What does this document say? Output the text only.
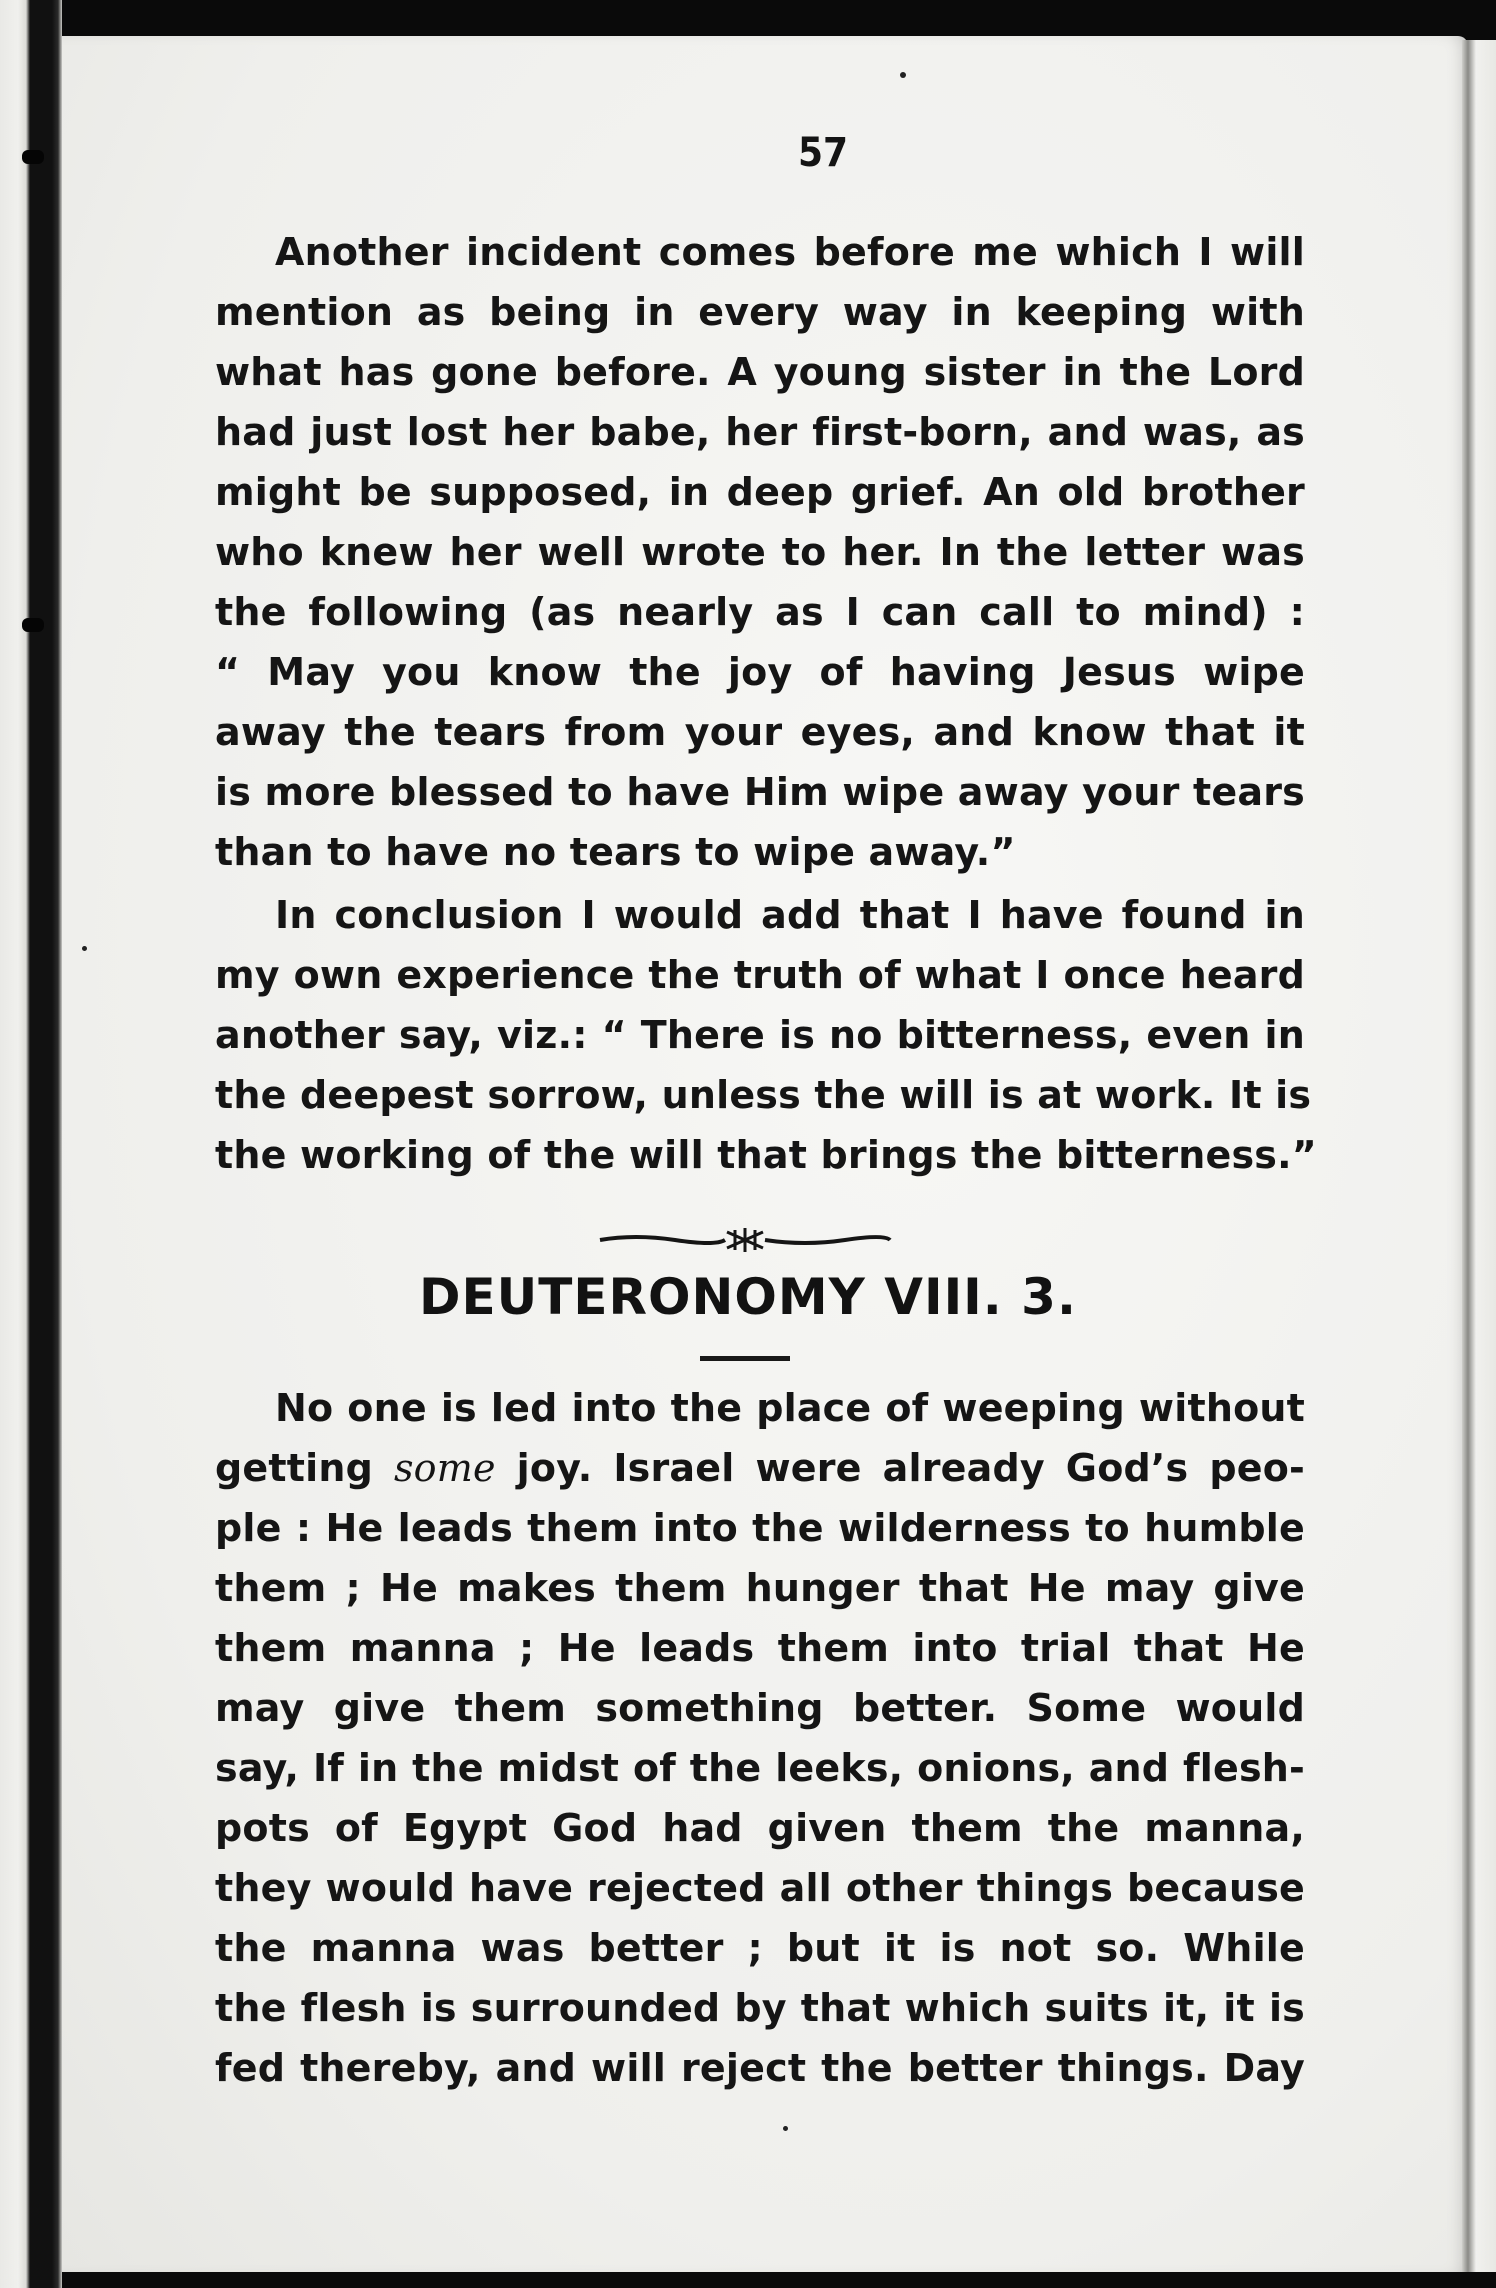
57
Another incident comes before me which I will
mention as being in every way in keeping with
what has gone before. A young sister in the Lord
had just lost her babe, her first-born, and was, as
might be supposed, in deep grief. An old brother
who knew her well wrote to her. In the letter was
the following (as nearly as I can call to mind) :
“ May you know the joy of having Jesus wipe
away the tears from your eyes, and know that it
is more blessed to have Him wipe away your tears
than to have no tears to wipe away.”
In conclusion I would add that I have found in
my own experience the truth of what I once heard
another say, viz.: “ There is no bitterness, even in
the deepest sorrow, unless the will is at work. It is
the working of the will that brings the bitterness.”
DEUTERONOMY VIII. 3.
No one is led into the place of weeping without
getting some joy. Israel were already God’s peo-
ple : He leads them into the wilderness to humble
them ; He makes them hunger that He may give
them manna ; He leads them into trial that He
may give them something better. Some would
say, If in the midst of the leeks, onions, and flesh-
pots of Egypt God had given them the manna,
they would have rejected all other things because
the manna was better ; but it is not so. While
the flesh is surrounded by that which suits it, it is
fed thereby, and will reject the better things. Day
